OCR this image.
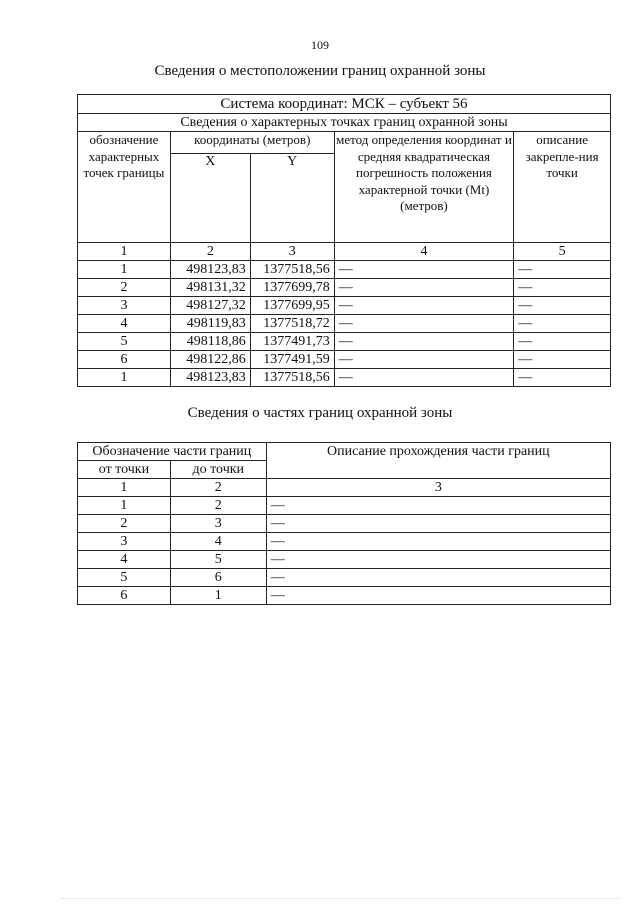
109
Сведения о местоположении границ охранной зоны
Система координат: МСК – субъект 56				
Сведения о характерных точках границ охранной зоны				
обозначение характерных точек границы	координаты (метров)		метод определения координат и средняя квадратическая погрешность положения характерной точки (Mt) (метров)	описание закрепле-ния точки
	X	Y		
1	2	3	4	5
1	498123,83	1377518,56	—	—
2	498131,32	1377699,78	—	—
3	498127,32	1377699,95	—	—
4	498119,83	1377518,72	—	—
5	498118,86	1377491,73	—	—
6	498122,86	1377491,59	—	—
1	498123,83	1377518,56	—	—
Сведения о частях границ охранной зоны
Обозначение части границ		Описание прохождения части границ
от точки	до точки	
1	2	3
1	2	—
2	3	—
3	4	—
4	5	—
5	6	—
6	1	—
